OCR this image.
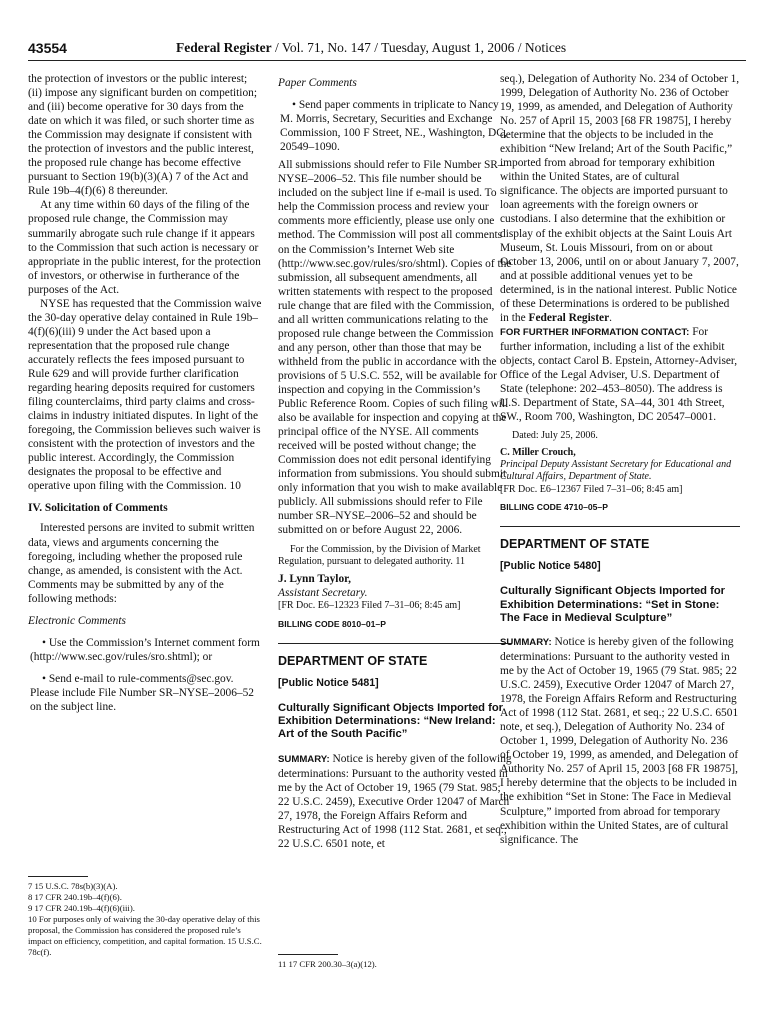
43554	Federal Register / Vol. 71, No. 147 / Tuesday, August 1, 2006 / Notices

the protection of investors or the public interest; (ii) impose any significant burden on competition; and (iii) become operative for 30 days from the date on which it was filed, or such shorter time as the Commission may designate if consistent with the protection of investors and the public interest, the proposed rule change has become effective pursuant to Section 19(b)(3)(A) 7 of the Act and Rule 19b–4(f)(6) 8 thereunder.

At any time within 60 days of the filing of the proposed rule change, the Commission may summarily abrogate such rule change if it appears to the Commission that such action is necessary or appropriate in the public interest, for the protection of investors, or otherwise in furtherance of the purposes of the Act.

NYSE has requested that the Commission waive the 30-day operative delay contained in Rule 19b–4(f)(6)(iii) 9 under the Act based upon a representation that the proposed rule change accurately reflects the fees imposed pursuant to Rule 629 and will provide further clarification regarding hearing deposits required for customers filing counterclaims, third party claims and cross-claims in industry initiated disputes. In light of the foregoing, the Commission believes such waiver is consistent with the protection of investors and the public interest. Accordingly, the Commission designates the proposal to be effective and operative upon filing with the Commission. 10

IV. Solicitation of Comments

Interested persons are invited to submit written data, views and arguments concerning the foregoing, including whether the proposed rule change, as amended, is consistent with the Act. Comments may be submitted by any of the following methods:

Electronic Comments

• Use the Commission’s Internet comment form (http://www.sec.gov/rules/sro.shtml); or

• Send e-mail to rule-comments@sec.gov. Please include File Number SR–NYSE–2006–52 on the subject line.

7 15 U.S.C. 78s(b)(3)(A).

8 17 CFR 240.19b–4(f)(6).

9 17 CFR 240.19b–4(f)(6)(iii).

10 For purposes only of waiving the 30-day operative delay of this proposal, the Commission has considered the proposed rule’s impact on efficiency, competition, and capital formation. 15 U.S.C. 78c(f).

Paper Comments

• Send paper comments in triplicate to Nancy M. Morris, Secretary, Securities and Exchange Commission, 100 F Street, NE., Washington, DC, 20549–1090.

All submissions should refer to File Number SR–NYSE–2006–52. This file number should be included on the subject line if e-mail is used. To help the Commission process and review your comments more efficiently, please use only one method. The Commission will post all comments on the Commission’s Internet Web site (http://www.sec.gov/rules/sro/shtml). Copies of the submission, all subsequent amendments, all written statements with respect to the proposed rule change that are filed with the Commission, and all written communications relating to the proposed rule change between the Commission and any person, other than those that may be withheld from the public in accordance with the provisions of 5 U.S.C. 552, will be available for inspection and copying in the Commission’s Public Reference Room. Copies of such filing will also be available for inspection and copying at the principal office of the NYSE. All comments received will be posted without change; the Commission does not edit personal identifying information from submissions. You should submit only information that you wish to make available publicly. All submissions should refer to File number SR–NYSE–2006–52 and should be submitted on or before August 22, 2006.

For the Commission, by the Division of Market Regulation, pursuant to delegated authority. 11

J. Lynn Taylor,

Assistant Secretary.

[FR Doc. E6–12323 Filed 7–31–06; 8:45 am]

BILLING CODE 8010–01–P

DEPARTMENT OF STATE

[Public Notice 5481]

Culturally Significant Objects Imported for Exhibition Determinations: “New Ireland: Art of the South Pacific”

SUMMARY: Notice is hereby given of the following determinations: Pursuant to the authority vested in me by the Act of October 19, 1965 (79 Stat. 985; 22 U.S.C. 2459), Executive Order 12047 of March 27, 1978, the Foreign Affairs Reform and Restructuring Act of 1998 (112 Stat. 2681, et seq.; 22 U.S.C. 6501 note, et

11 17 CFR 200.30–3(a)(12).

seq.), Delegation of Authority No. 234 of October 1, 1999, Delegation of Authority No. 236 of October 19, 1999, as amended, and Delegation of Authority No. 257 of April 15, 2003 [68 FR 19875], I hereby determine that the objects to be included in the exhibition “New Ireland; Art of the South Pacific,” imported from abroad for temporary exhibition within the United States, are of cultural significance. The objects are imported pursuant to loan agreements with the foreign owners or custodians. I also determine that the exhibition or display of the exhibit objects at the Saint Louis Art Museum, St. Louis Missouri, from on or about October 13, 2006, until on or about January 7, 2007, and at possible additional venues yet to be determined, is in the national interest. Public Notice of these Determinations is ordered to be published in the Federal Register.

FOR FURTHER INFORMATION CONTACT: For further information, including a list of the exhibit objects, contact Carol B. Epstein, Attorney-Adviser, Office of the Legal Adviser, U.S. Department of State (telephone: 202–453–8050). The address is U.S. Department of State, SA–44, 301 4th Street, SW., Room 700, Washington, DC 20547–0001.

Dated: July 25, 2006.

C. Miller Crouch,

Principal Deputy Assistant Secretary for Educational and Cultural Affairs, Department of State.

[FR Doc. E6–12367 Filed 7–31–06; 8:45 am]

BILLING CODE 4710–05–P

DEPARTMENT OF STATE

[Public Notice 5480]

Culturally Significant Objects Imported for Exhibition Determinations: “Set in Stone: The Face in Medieval Sculpture”

SUMMARY: Notice is hereby given of the following determinations: Pursuant to the authority vested in me by the Act of October 19, 1965 (79 Stat. 985; 22 U.S.C. 2459), Executive Order 12047 of March 27, 1978, the Foreign Affairs Reform and Restructuring Act of 1998 (112 Stat. 2681, et seq.; 22 U.S.C. 6501 note, et seq.), Delegation of Authority No. 234 of October 1, 1999, Delegation of Authority No. 236 of October 19, 1999, as amended, and Delegation of Authority No. 257 of April 15, 2003 [68 FR 19875], I hereby determine that the objects to be included in the exhibition “Set in Stone: The Face in Medieval Sculpture,” imported from abroad for temporary exhibition within the United States, are of cultural significance. The
